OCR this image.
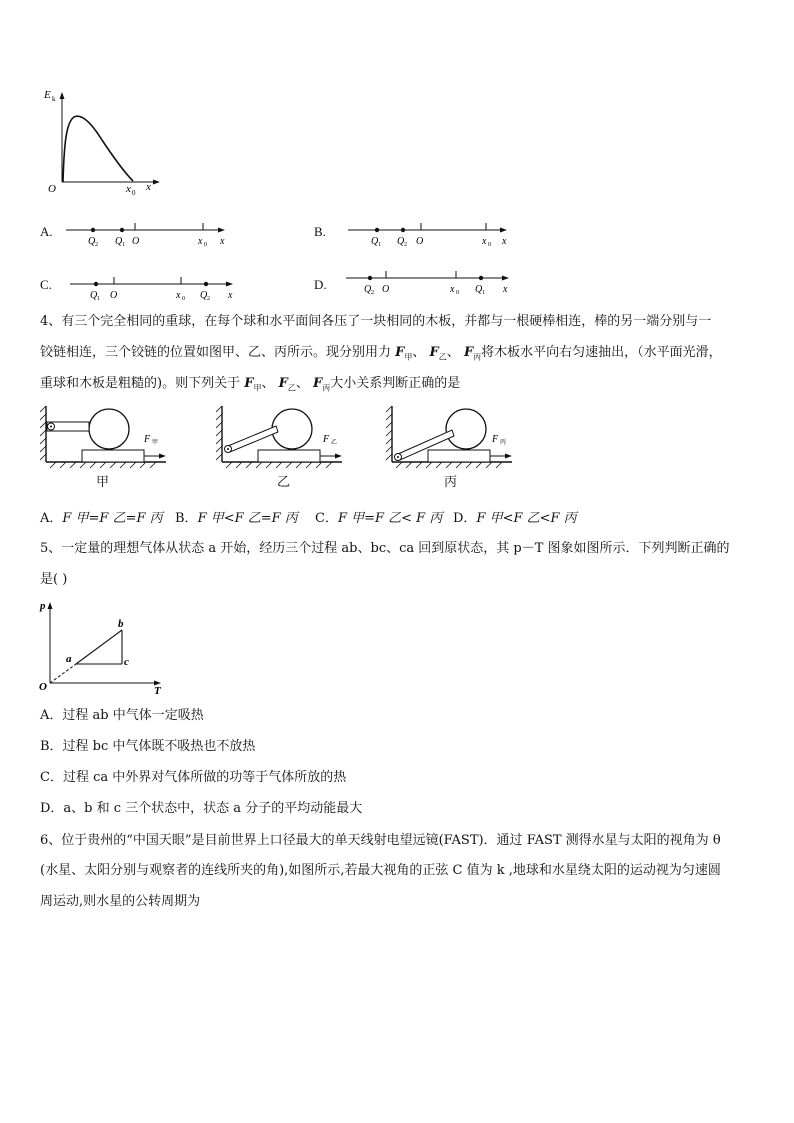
E k
O	x 0 x
A.
Q 2 Q 1 O	x 0 x
B.
Q 1 Q 2 O	x 0 x
C.
Q 1 O	x 0 Q 2 x
D.	Q 2 O	x 0 Q 1 x
4、有三个完全相同的重球，在每个球和水平面间各压了一块相同的木板，并都与一根硬棒相连，棒的另一端分别与一
铰链相连，三个铰链的位置如图甲、乙、丙所示。现分别用力 $F_甲$、 $F_乙$、 $F_丙$将木板水平向右匀速抽出，（水平面光滑，
重球和木板是粗糙的)。则下列关于 $F_甲$、 $F_乙$、 $F_丙$大小关系判断正确的是
F 甲
甲
F 乙
乙
F 丙
丙
A．F 甲=F 乙=F 丙 B．F 甲<F 乙=F 丙 C．F 甲=F 乙< F 丙 D．F 甲<F 乙<F 丙
5、一定量的理想气体从状态 a 开始，经历三个过程 ab、bc、ca 回到原状态，其 p－T 图象如图所示．下列判断正确的
是( )
p
T
O
a
b
c
A．过程 ab 中气体一定吸热
B．过程 bc 中气体既不吸热也不放热
C．过程 ca 中外界对气体所做的功等于气体所放的热
D．a、b 和 c 三个状态中，状态 a 分子的平均动能最大
6、位于贵州的“中国天眼”是目前世界上口径最大的单天线射电望远镜(FAST)．通过 FAST 测得水星与太阳的视角为 θ
(水星、太阳分别与观察者的连线所夹的角),如图所示,若最大视角的正弦 C 值为 k ,地球和水星绕太阳的运动视为匀速圆
周运动,则水星的公转周期为
